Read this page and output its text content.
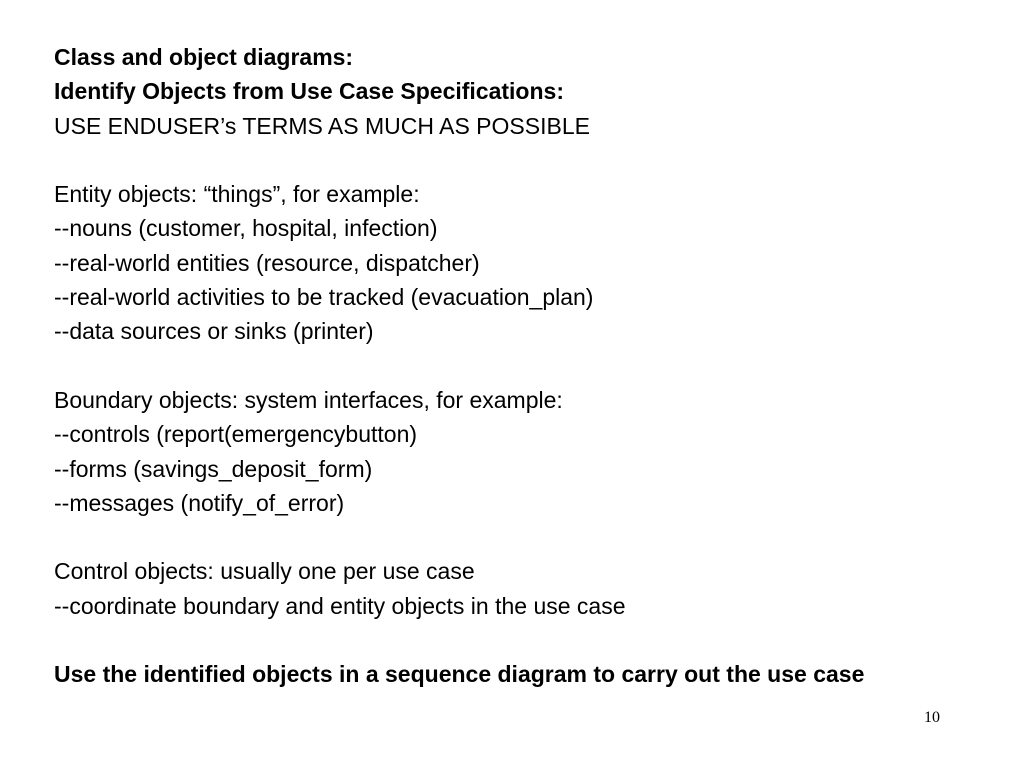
Class and object diagrams:
Identify Objects from Use Case Specifications:
USE ENDUSER’s TERMS AS MUCH AS POSSIBLE
Entity objects: “things”, for example:
--nouns (customer, hospital, infection)
--real-world entities (resource, dispatcher)
--real-world activities to be tracked (evacuation_plan)
--data sources or sinks (printer)
Boundary objects: system interfaces, for example:
--controls (report(emergencybutton)
--forms (savings_deposit_form)
--messages (notify_of_error)
Control objects: usually one per use case
--coordinate boundary and entity objects in the use case
Use the identified objects in a sequence diagram to carry out the use case
10
